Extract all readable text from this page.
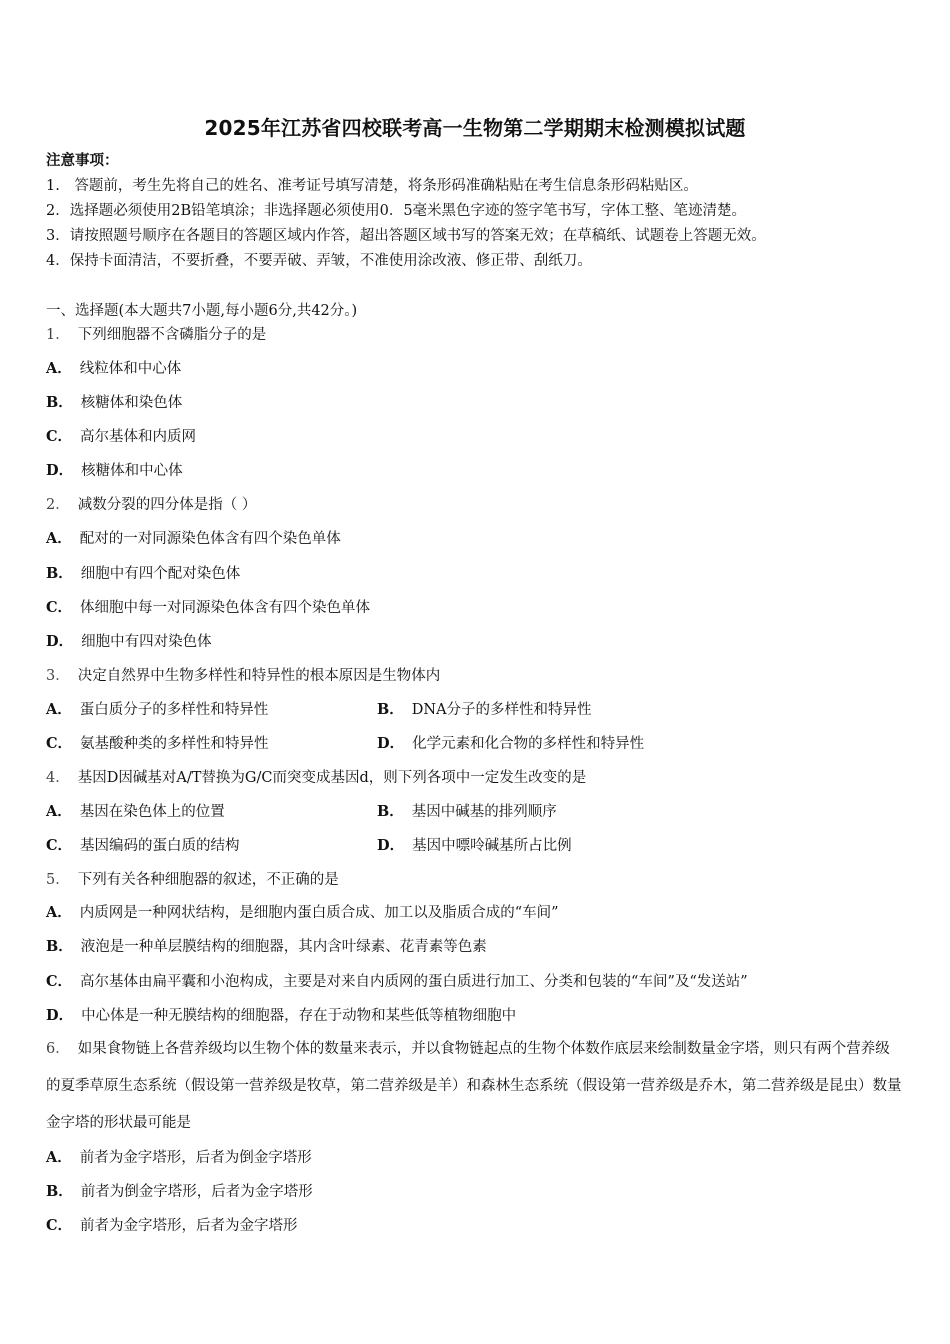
2025年江苏省四校联考高一生物第二学期期末检测模拟试题
注意事项：
1.　答题前，考生先将自己的姓名、准考证号填写清楚，将条形码准确粘贴在考生信息条形码粘贴区。
2．选择题必须使用2B铅笔填涂；非选择题必须使用0．5毫米黑色字迹的签字笔书写，字体工整、笔迹清楚。
3．请按照题号顺序在各题目的答题区域内作答，超出答题区域书写的答案无效；在草稿纸、试题卷上答题无效。
4．保持卡面清洁，不要折叠，不要弄破、弄皱，不准使用涂改液、修正带、刮纸刀。
一、选择题(本大题共7小题,每小题6分,共42分。)
1． 下列细胞器不含磷脂分子的是
A． 线粒体和中心体
B． 核糖体和染色体
C． 高尔基体和内质网
D． 核糖体和中心体
2． 减数分裂的四分体是指（ ）
A． 配对的一对同源染色体含有四个染色单体
B． 细胞中有四个配对染色体
C． 体细胞中每一对同源染色体含有四个染色单体
D． 细胞中有四对染色体
3． 决定自然界中生物多样性和特异性的根本原因是生物体内
A． 蛋白质分子的多样性和特异性	B． DNA分子的多样性和特异性
C． 氨基酸种类的多样性和特异性	D． 化学元素和化合物的多样性和特异性
4． 基因D因碱基对A/T替换为G/C而突变成基因d，则下列各项中一定发生改变的是
A． 基因在染色体上的位置	B． 基因中碱基的排列顺序
C． 基因编码的蛋白质的结构	D． 基因中嘌呤碱基所占比例
5． 下列有关各种细胞器的叙述，不正确的是
A． 内质网是一种网状结构，是细胞内蛋白质合成、加工以及脂质合成的“车间”
B． 液泡是一种单层膜结构的细胞器，其内含叶绿素、花青素等色素
C． 高尔基体由扁平囊和小泡构成，主要是对来自内质网的蛋白质进行加工、分类和包装的“车间”及“发送站”
D． 中心体是一种无膜结构的细胞器，存在于动物和某些低等植物细胞中
6． 如果食物链上各营养级均以生物个体的数量来表示，并以食物链起点的生物个体数作底层来绘制数量金字塔，则只有两个营养级的夏季草原生态系统（假设第一营养级是牧草，第二营养级是羊）和森林生态系统（假设第一营养级是乔木，第二营养级是昆虫）数量金字塔的形状最可能是
A． 前者为金字塔形，后者为倒金字塔形
B． 前者为倒金字塔形，后者为金字塔形
C． 前者为金字塔形，后者为金字塔形
